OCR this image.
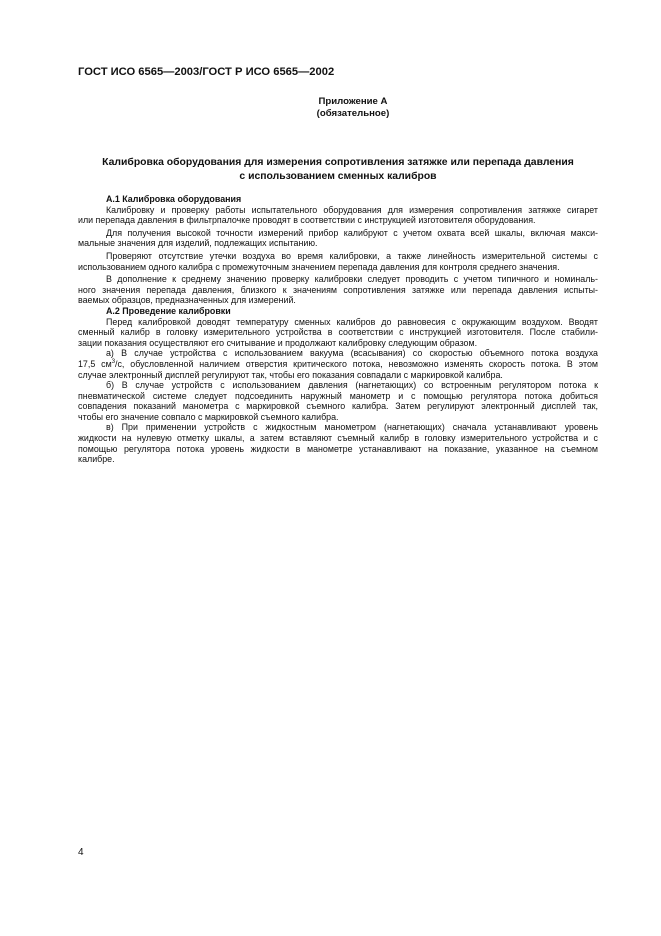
ГОСТ ИСО 6565—2003/ГОСТ Р ИСО 6565—2002
Приложение А
(обязательное)
Калибровка оборудования для измерения сопротивления затяжке или перепада давления
с использованием сменных калибров
А.1 Калибровка оборудования
Калибровку и проверку работы испытательного оборудования для измерения сопротивления затяжке сигарет
или перепада давления в фильтрпалочке проводят в соответствии с инструкцией изготовителя оборудования.
Для получения высокой точности измерений прибор калибруют с учетом охвата всей шкалы, включая макси-
мальные значения для изделий, подлежащих испытанию.
Проверяют отсутствие утечки воздуха во время калибровки, а также линейность измерительной системы с
использованием одного калибра с промежуточным значением перепада давления для контроля среднего значения.
В дополнение к среднему значению проверку калибровки следует проводить с учетом типичного и номиналь-
ного значения перепада давления, близкого к значениям сопротивления затяжке или перепада давления испыты-
ваемых образцов, предназначенных для измерений.
А.2 Проведение калибровки
Перед калибровкой доводят температуру сменных калибров до равновесия с окружающим воздухом. Вводят
сменный калибр в головку измерительного устройства в соответствии с инструкцией изготовителя. После стабили-
зации показания осуществляют его считывание и продолжают калибровку следующим образом.
а) В случае устройства с использованием вакуума (всасывания) со скоростью объемного потока воздуха
17,5 $см^3/с$, обусловленной наличием отверстия критического потока, невозможно изменять скорость потока. В этом
случае электронный дисплей регулируют так, чтобы его показания совпадали с маркировкой калибра.
б) В случае устройств с использованием давления (нагнетающих) со встроенным регулятором потока к
пневматической системе следует подсоединить наружный манометр и с помощью регулятора потока добиться
совпадения показаний манометра с маркировкой съемного калибра. Затем регулируют электронный дисплей так,
чтобы его значение совпало с маркировкой съемного калибра.
в) При применении устройств с жидкостным манометром (нагнетающих) сначала устанавливают уровень
жидкости на нулевую отметку шкалы, а затем вставляют съемный калибр в головку измерительного устройства и с
помощью регулятора потока уровень жидкости в манометре устанавливают на показание, указанное на съемном
калибре.
4
